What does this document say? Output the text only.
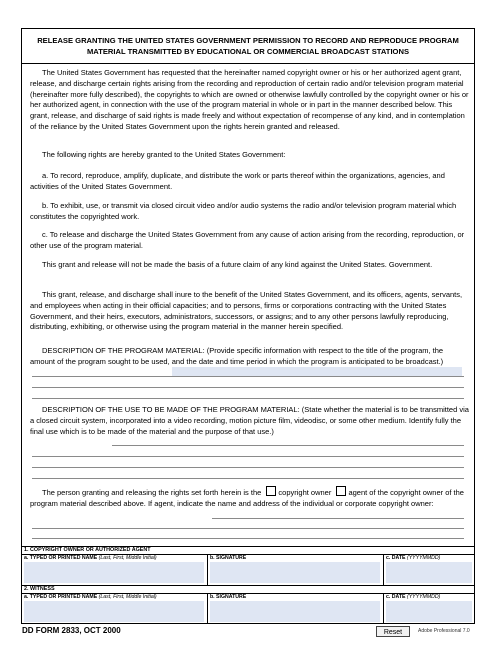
RELEASE GRANTING THE UNITED STATES GOVERNMENT PERMISSION TO RECORD AND REPRODUCE PROGRAM MATERIAL TRANSMITTED BY EDUCATIONAL OR COMMERCIAL BROADCAST STATIONS
The United States Government has requested that the hereinafter named copyright owner or his or her authorized agent grant, release, and discharge certain rights arising from the recording and reproduction of certain radio and/or television program material (hereinafter more fully described), the copyrights to which are owned or otherwise lawfully controlled by the copyright owner or his or her authorized agent, in connection with the use of the program material in whole or in part in the manner described below. This grant, release, and discharge of said rights is made freely and without expectation of recompense of any kind, and in contemplation of the reliance by the United States Government upon the rights herein granted and released.
The following rights are hereby granted to the United States Government:
a. To record, reproduce, amplify, duplicate, and distribute the work or parts thereof within the organizations, agencies, and activities of the United States Government.
b. To exhibit, use, or transmit via closed circuit video and/or audio systems the radio and/or television program material which constitutes the copyrighted work.
c. To release and discharge the United States Government from any cause of action arising from the recording, reproduction, or other use of the program material.
This grant and release will not be made the basis of a future claim of any kind against the United States. Government.
This grant, release, and discharge shall inure to the benefit of the United States Government, and its officers, agents, servants, and employees when acting in their official capacities; and to persons, firms or corporations contracting with the United States Government, and their heirs, executors, administrators, successors, or assigns; and to any other persons lawfully reproducing, distributing, exhibiting, or otherwise using the program material in the manner herein specified.
DESCRIPTION OF THE PROGRAM MATERIAL: (Provide specific information with respect to the title of the program, the amount of the program sought to be used, and the date and time period in which the program is anticipated to be broadcast.)
DESCRIPTION OF THE USE TO BE MADE OF THE PROGRAM MATERIAL: (State whether the material is to be transmitted via a closed circuit system, incorporated into a video recording, motion picture film, videodisc, or some other medium. Identify fully the final use which is to be made of the material and the purpose of that use.)
The person granting and releasing the rights set forth herein is the copyright owner agent of the copyright owner of the program material described above. If agent, indicate the name and address of the individual or corporate copyright owner:
1. COPYRIGHT OWNER OR AUTHORIZED AGENT
a. TYPED OR PRINTED NAME (Last, First, Middle Initial)	b. SIGNATURE	c. DATE (YYYYMMDD)
2. WITNESS
a. TYPED OR PRINTED NAME (Last, First, Middle Initial)	b. SIGNATURE	c. DATE (YYYYMMDD)
DD FORM 2833, OCT 2000	Reset	Adobe Professional 7.0
